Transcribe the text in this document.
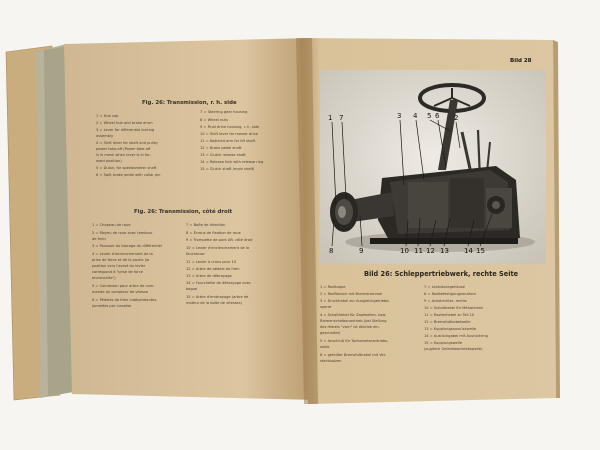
Fig. 26: Transmission, r. h. side
1 = Hub cap
2 = Wheel hub and brake drum
3 = Lever for differential locking
assembly
4 = Shift lever for shaft and pulley
power take-off (Power take-off
is in mesh when lever is in for-
ward position)
5 = Dulon, for speedometer shaft
6 = Split brake pedal with collar pin
7 = Steering gear housing
8 = Wheel nuts
9 = Final drive housing, r. h. side
10 = Shift lever for mower drive
11 = Notched arm for lift shaft
12 = Brake pedal shaft
13 = Clutch release shaft
14 = Release fork with release ring
15 = Clutch shaft (main shaft)
Fig. 26: Transmission, côté droit
1 = Chapeau de roue
2 = Moyeu de roue avec tambour
de frein
3 = Poussoir du blocage du différentiel
4 = Levier d'enclenchement de la
prise de force et de la poulie (la
position vers l'avant du levier
correspond à "prise de force
enclenchée")
5 = Connexion pour arbre de com-
mande du compteur de vitesse
6 = Pédales de frein indépendantes,
jumelées par clavette
7 = Boîte de direction
8 = Écrous de fixation de roue
9 = Trompette de pont AR, côté droit
10 = Levier d'enclenchement de la
faucheuse
11 = Levier à crans pour 10
12 = Arbre de pédale de frein
13 = Arbre de débrayage
14 = Fourchette de débrayage avec
bague
15 = Arbre d'embrayage (arbre de
moteur de la boîte de vitesses)
Bild 28
1 7	3 4 5 6 2
8	9	10 11 12 13 14 15
Bild 26: Schleppertriebwerk, rechte Seite
1 = Radkappe
2 = Radflansch mit Bremstrommel
3 = Druckhebel zur Ausgleichgetriebe-
sperre
4 = Schalthebel für Zapfwellen- bzw.
Riemenscheibenantrieb (bei Stellung
des Hebels "vorn" ist Abtrieb ein-
geschaltet)
5 = Anschluß für Tachometerantriebs-
welle
6 = geteilter Bremsfußhebel mit Ver-
steckbolzen
7 = Lenkstockgehäuse
8 = Radbefestigungsmuttern
9 = Achstrichter, rechts
10 = Schalthebel für Mähantrieb
11 = Rastenhebel zu Teil 10
12 = Bremsfußhebelwelle
13 = Kupplungsausrückwelle
14 = Ausrückgabel mit Ausrückring
15 = Kupplungswelle
(zugleich Getriebeantriebswelle)
